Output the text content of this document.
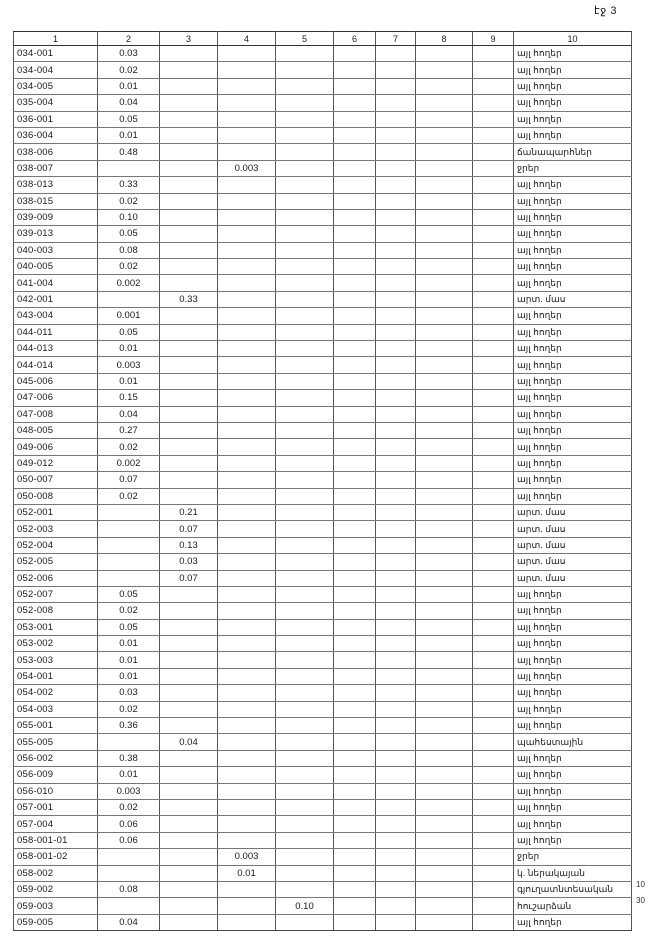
էջ 3
10
30
1	2	3	4	5	6	7	8	9	10
034-001	0.03								այլ հողեր
034-004	0.02								այլ հողեր
034-005	0.01								այլ հողեր
035-004	0.04								այլ հողեր
036-001	0.05								այլ հողեր
036-004	0.01								այլ հողեր
038-006	0.48								ճանապարհներ
038-007			0.003						ջրեր
038-013	0.33								այլ հողեր
038-015	0.02								այլ հողեր
039-009	0.10								այլ հողեր
039-013	0.05								այլ հողեր
040-003	0.08								այլ հողեր
040-005	0.02								այլ հողեր
041-004	0.002								այլ հողեր
042-001		0.33							արտ. մաս
043-004	0.001								այլ հողեր
044-011	0.05								այլ հողեր
044-013	0.01								այլ հողեր
044-014	0.003								այլ հողեր
045-006	0.01								այլ հողեր
047-006	0.15								այլ հողեր
047-008	0.04								այլ հողեր
048-005	0.27								այլ հողեր
049-006	0.02								այլ հողեր
049-012	0.002								այլ հողեր
050-007	0.07								այլ հողեր
050-008	0.02								այլ հողեր
052-001		0.21							արտ. մաս
052-003		0.07							արտ. մաս
052-004		0.13							արտ. մաս
052-005		0.03							արտ. մաս
052-006		0.07							արտ. մաս
052-007	0.05								այլ հողեր
052-008	0.02								այլ հողեր
053-001	0.05								այլ հողեր
053-002	0.01								այլ հողեր
053-003	0.01								այլ հողեր
054-001	0.01								այլ հողեր
054-002	0.03								այլ հողեր
054-003	0.02								այլ հողեր
055-001	0.36								այլ հողեր
055-005		0.04							պահեստային
056-002	0.38								այլ հողեր
056-009	0.01								այլ հողեր
056-010	0.003								այլ հողեր
057-001	0.02								այլ հողեր
057-004	0.06								այլ հողեր
058-001-01	0.06								այլ հողեր
058-001-02			0.003						ջրեր
058-002			0.01						կ. ներակայան
059-002	0.08								գյուղատնտեսական
059-003				0.10					հուշարձան
059-005	0.04								այլ հողեր
